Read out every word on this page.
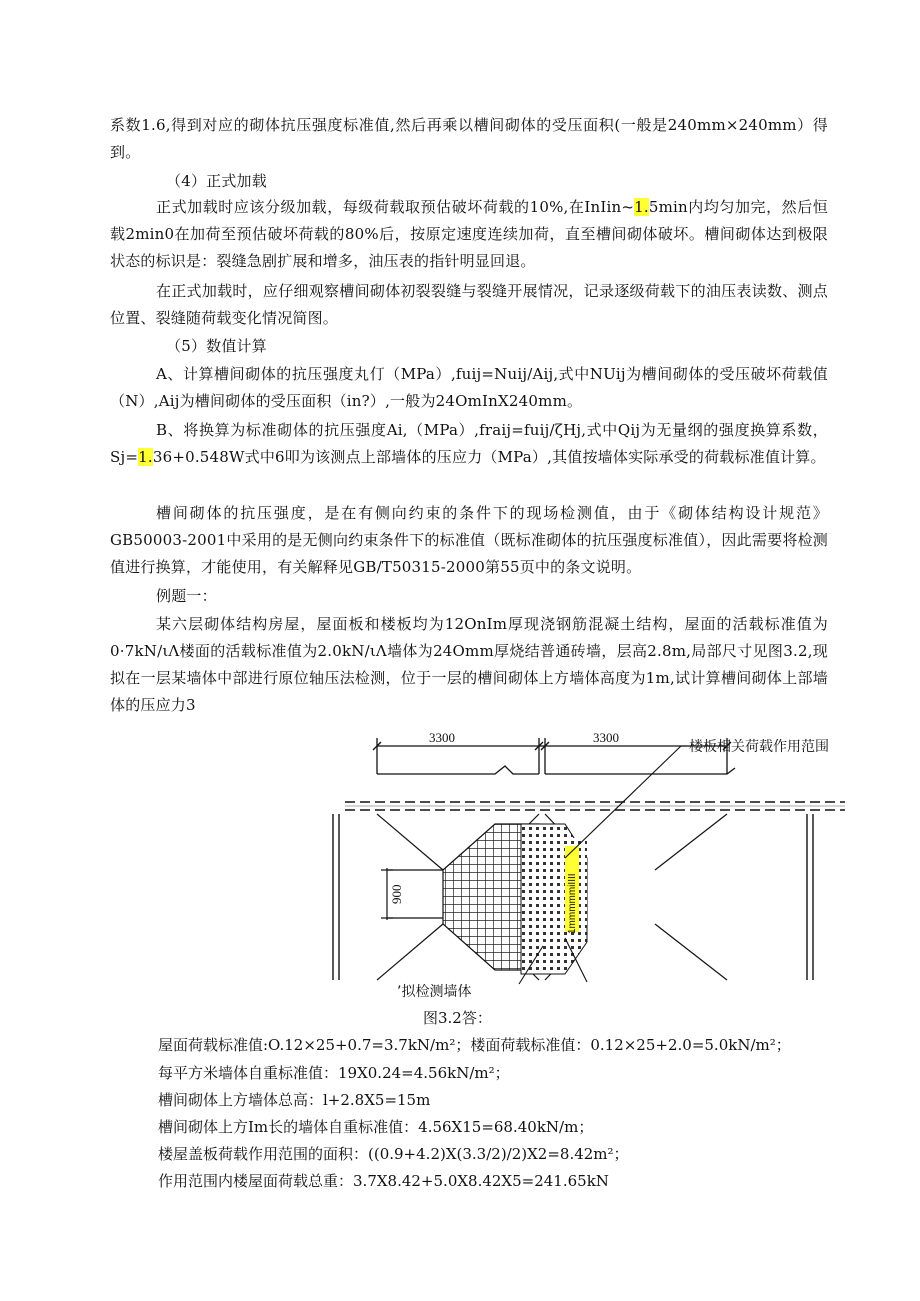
系数1.6,得到对应的砌体抗压强度标准值,然后再乘以槽间砌体的受压面积(一般是240mm×240mm）得到。

（4）正式加载

正式加载时应该分级加载，每级荷载取预估破坏荷载的10%,在InIin~1.5min内均匀加完，然后恒载2min0在加荷至预估破坏荷载的80%后，按原定速度连续加荷，直至槽间砌体破坏。槽间砌体达到极限状态的标识是：裂缝急剧扩展和增多，油压表的指针明显回退。

在正式加载时，应仔细观察槽间砌体初裂裂缝与裂缝开展情况，记录逐级荷载下的油压表读数、测点位置、裂缝随荷载变化情况简图。

（5）数值计算

A、计算槽间砌体的抗压强度丸仃（MPa）,fuij=Nuij/Aij,式中NUij为槽间砌体的受压破坏荷载值（N）,Aij为槽间砌体的受压面积（in?）,一般为24OmInX240mm。

B、将换算为标准砌体的抗压强度Ai,（MPa）,fraij=fuij/ζHj,式中Qij为无量纲的强度换算系数，Sj=1.36+0.548W式中6叩为该测点上部墙体的压应力（MPa）,其值按墙体实际承受的荷载标准值计算。

槽间砌体的抗压强度，是在有侧向约束的条件下的现场检测值，由于《砌体结构设计规范》GB50003-2001中采用的是无侧向约束条件下的标准值（既标准砌体的抗压强度标准值），因此需要将检测值进行换算，才能使用，有关解释见GB/T50315-2000第55页中的条文说明。

例题一：

某六层砌体结构房屋，屋面板和楼板均为12OnIm厚现浇钢筋混凝土结构，屋面的活载标准值为0·7kN∕ιΛ楼面的活载标准值为2.0kN∕ιΛ墙体为24Omm厚烧结普通砖墙，层高2.8m,局部尺寸见图3.2,现拟在一层某墙体中部进行原位轴压法检测，位于一层的槽间砌体上方墙体高度为1m,试计算槽间砌体上部墙体的压应力3

3300	3300
1mmmmmiIIII
900
楼板相关荷载作用范围
’拟检测墙体

图3.2答：

屋面荷载标准值:O.12×25+0.7=3.7kN/m²；楼面荷载标准值：0.12×25+2.0=5.0kN/m²；

每平方米墙体自重标准值：19X0.24=4.56kN/m²；

槽间砌体上方墙体总高：l+2.8X5=15m

槽间砌体上方Im长的墙体自重标准值：4.56X15=68.40kN/m；

楼屋盖板荷载作用范围的面积：((0.9+4.2)X(3.3/2)/2)X2=8.42m²；

作用范围内楼屋面荷载总重：3.7X8.42+5.0X8.42X5=241.65kN
